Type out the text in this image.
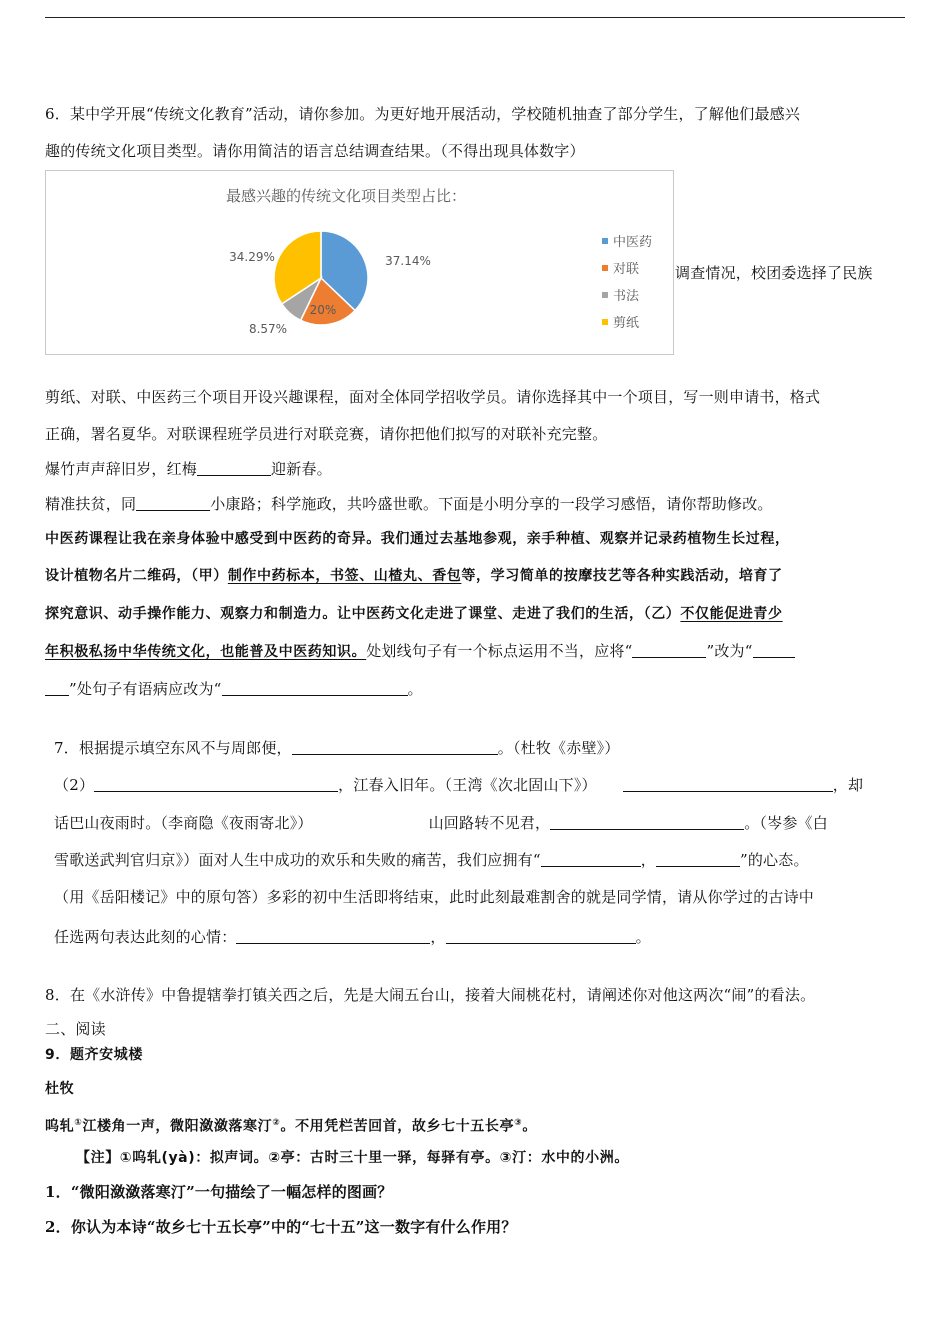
6．某中学开展“传统文化教育”活动，请你参加。为更好地开展活动，学校随机抽查了部分学生，了解他们最感兴
趣的传统文化项目类型。请你用简洁的语言总结调查结果。（不得出现具体数字）
最感兴趣的传统文化项目类型占比：
37.14%
20%
8.57%
34.29%
中医药
对联
书法
剪纸
调查情况，校团委选择了民族
剪纸、对联、中医药三个项目开设兴趣课程，面对全体同学招收学员。请你选择其中一个项目，写一则申请书，格式
正确，署名夏华。对联课程班学员进行对联竞赛，请你把他们拟写的对联补充完整。
爆竹声声辞旧岁，红梅	迎新春。
精准扶贫，同	小康路；科学施政，共吟盛世歌。下面是小明分享的一段学习感悟，请你帮助修改。
中医药课程让我在亲身体验中感受到中医药的奇异。我们通过去基地参观，亲手种植、观察并记录药植物生长过程，
设计植物名片二维码，（甲）制作中药标本，书签、山楂丸、香包等，学习简单的按摩技艺等各种实践活动，培育了
探究意识、动手操作能力、观察力和制造力。让中医药文化走进了课堂、走进了我们的生活，（乙）不仅能促进青少
年积极私扬中华传统文化，也能普及中医药知识。处划线句子有一个标点运用不当，应将“	”改为“
”处句子有语病应改为“	。
7．根据提示填空东风不与周郎便，	。（杜牧《赤壁》）
（2）	，江春入旧年。（王湾《次北固山下》）	，却
话巴山夜雨时。（李商隐《夜雨寄北》）	山回路转不见君，	。（岑参《白
雪歌送武判官归京》）面对人生中成功的欢乐和失败的痛苦，我们应拥有“	，	”的心态。
（用《岳阳楼记》中的原句答）多彩的初中生活即将结束，此时此刻最难割舍的就是同学情，请从你学过的古诗中
任选两句表达此刻的心情：	，	。
8．在《水浒传》中鲁提辖拳打镇关西之后，先是大闹五台山，接着大闹桃花村，请阐述你对他这两次“闹”的看法。
二、阅读
9．题齐安城楼
杜牧
呜轧①江楼角一声，微阳潋潋落寒汀②。不用凭栏苦回首，故乡七十五长亭③。
【注】①呜轧(yà)：拟声词。②亭：古时三十里一驿，每驿有亭。③汀：水中的小洲。
1．“微阳潋潋落寒汀”一句描绘了一幅怎样的图画？
2．你认为本诗“故乡七十五长亭”中的“七十五”这一数字有什么作用？
